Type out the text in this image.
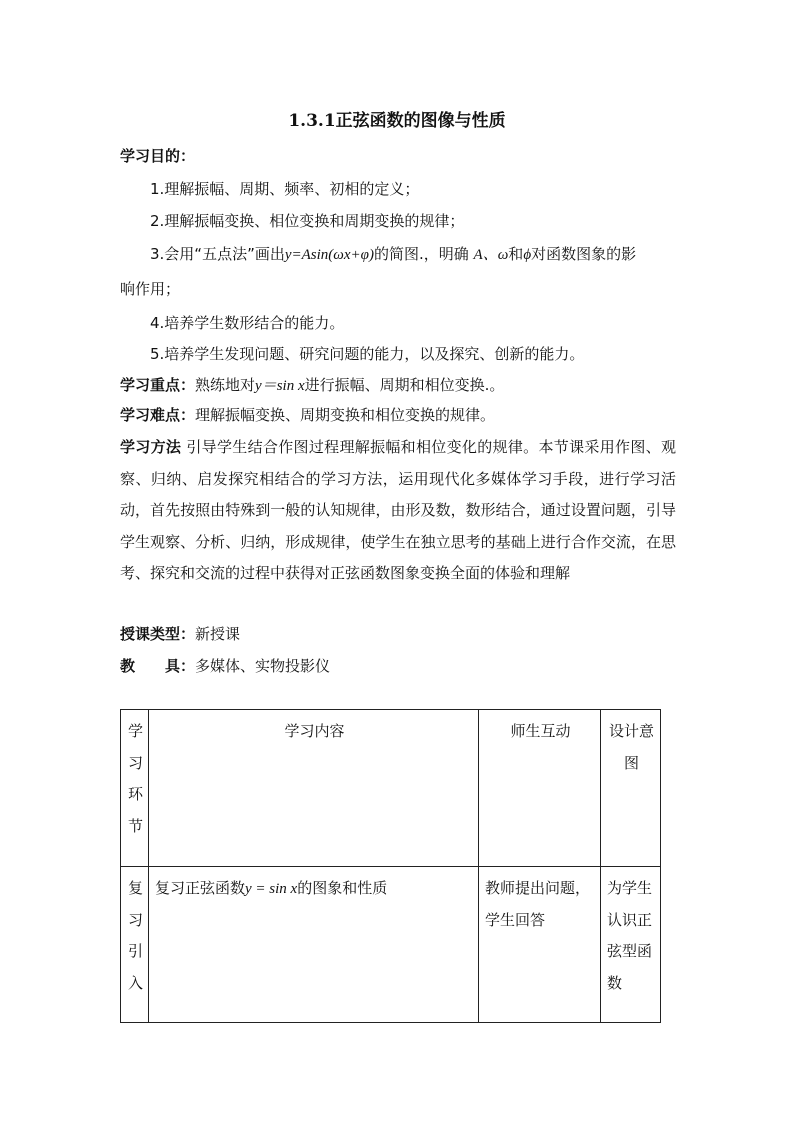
1.3.1正弦函数的图像与性质
学习目的：
1.理解振幅、周期、频率、初相的定义；
2.理解振幅变换、相位变换和周期变换的规律；
3.会用“五点法”画出y=Asin(ωx+φ)的简图.，明确 A、ω和ϕ对函数图象的影
响作用；
4.培养学生数形结合的能力。
5.培养学生发现问题、研究问题的能力，以及探究、创新的能力。
学习重点：熟练地对y＝sin x进行振幅、周期和相位变换.。
学习难点：理解振幅变换、周期变换和相位变换的规律。
学习方法 引导学生结合作图过程理解振幅和相位变化的规律。本节课采用作图、观察、归纳、启发探究相结合的学习方法，运用现代化多媒体学习手段，进行学习活动，首先按照由特殊到一般的认知规律，由形及数，数形结合，通过设置问题，引导学生观察、分析、归纳，形成规律，使学生在独立思考的基础上进行合作交流，在思考、探究和交流的过程中获得对正弦函数图象变换全面的体验和理解
授课类型：新授课
教　　具：多媒体、实物投影仪
学习环节	学习内容	师生互动	设计意图

复习引入	复习正弦函数y = sin x的图象和性质	教师提出问题，学生回答	为学生认识正弦型函数
